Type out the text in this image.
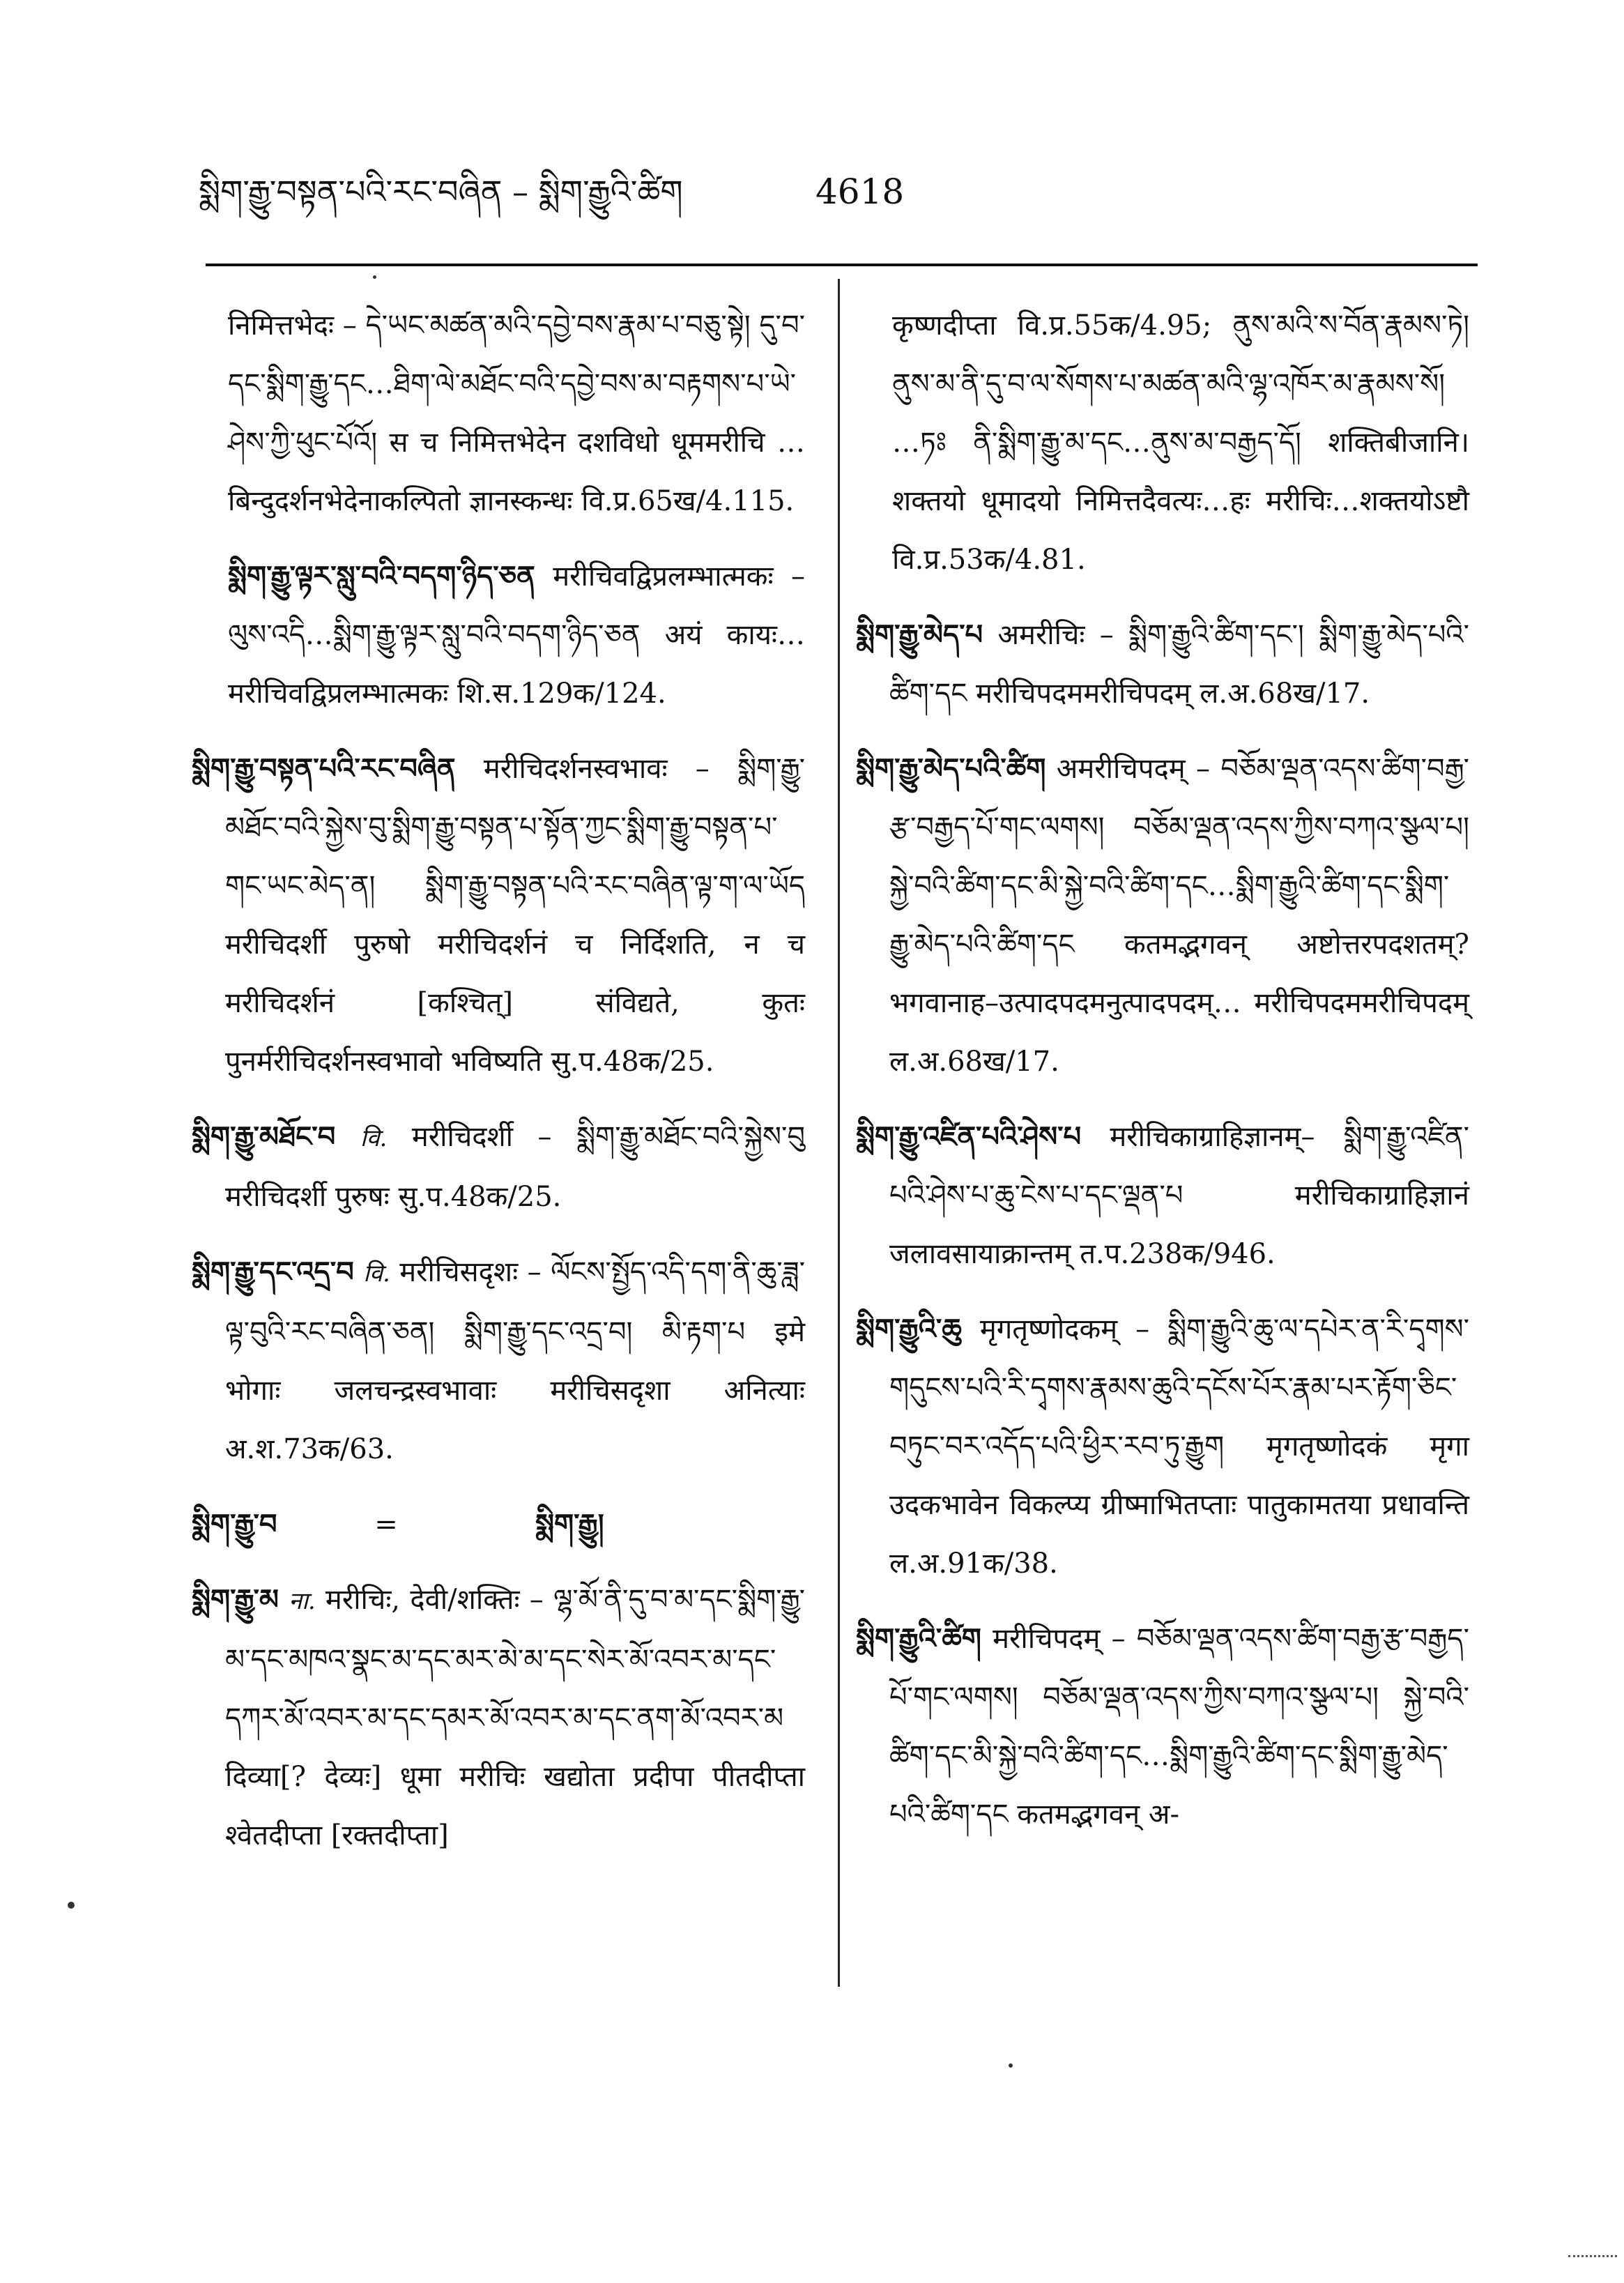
སྨིག་རྒྱུ་བསྟན་པའི་རང་བཞིན – སྨིག་རྒྱུའི་ཚིག	4618

निमित्तभेदः – དེ་ཡང་མཚན་མའི་དབྱེ་བས་རྣམ་པ་བཅུ་སྟེ། དུ་བ་དང་སྨིག་རྒྱུ་དང…ཐིག་ལེ་མཐོང་བའི་དབྱེ་བས་མ་བརྟགས་པ་ཡེ་ཤེས་ཀྱི་ཕུང་པོའོ། स च निमित्तभेदेन दशविधो धूममरीचि … बिन्दुदर्शनभेदेनाकल्पितो ज्ञानस्कन्धः वि.प्र.65ख/4.115.

སྨིག་རྒྱུ་ལྟར་སླུ་བའི་བདག་ཉིད་ཅན मरीचिवद्विप्रलम्भात्मकः – ལུས་འདི…སྨིག་རྒྱུ་ལྟར་སླུ་བའི་བདག་ཉིད་ཅན अयं कायः…मरीचिवद्विप्रलम्भात्मकः शि.स.129क/124.

སྨིག་རྒྱུ་བསྟན་པའི་རང་བཞིན मरीचिदर्शनस्वभावः – སྨིག་རྒྱུ་མཐོང་བའི་སྐྱེས་བུ་སྨིག་རྒྱུ་བསྟན་པ་སྟོན་ཀྱང་སྨིག་རྒྱུ་བསྟན་པ་གང་ཡང་མེད་ན། སྨིག་རྒྱུ་བསྟན་པའི་རང་བཞིན་ལྟ་ག་ལ་ཡོད मरीचिदर्शी पुरुषो मरीचिदर्शनं च निर्दिशति, न च मरीचिदर्शनं [कश्चित्] संविद्यते, कुतः पुनर्मरीचिदर्शनस्वभावो भविष्यति सु.प.48क/25.

སྨིག་རྒྱུ་མཐོང་བ वि. मरीचिदर्शी – སྨིག་རྒྱུ་མཐོང་བའི་སྐྱེས་བུ मरीचिदर्शी पुरुषः सु.प.48क/25.

སྨིག་རྒྱུ་དང་འདྲ་བ वि. मरीचिसदृशः – ལོངས་སྤྱོད་འདི་དག་ནི་ཆུ་ཟླ་ལྟ་བུའི་རང་བཞིན་ཅན། སྨིག་རྒྱུ་དང་འདྲ་བ། མི་རྟག་པ इमे भोगाः जलचन्द्रस्वभावाः मरीचिसदृशा अनित्याः अ.श.73क/63.

སྨིག་རྒྱུ་བ	=	སྨིག་རྒྱུ།

སྨིག་རྒྱུ་མ ना. मरीचिः, देवी/शक्तिः – ལྷ་མོ་ནི་དུ་བ་མ་དང་སྨིག་རྒྱུ་མ་དང་མཁའ་སྣང་མ་དང་མར་མེ་མ་དང་སེར་མོ་འབར་མ་དང་དཀར་མོ་འབར་མ་དང་དམར་མོ་འབར་མ་དང་ནག་མོ་འབར་མ दिव्या[? देव्यः] धूमा मरीचिः खद्योता प्रदीपा पीतदीप्ता श्वेतदीप्ता [रक्तदीप्ता]

कृष्णदीप्ता वि.प्र.55क/4.95; ནུས་མའི་ས་བོན་རྣམས་ཏེ། ནུས་མ་ནི་དུ་བ་ལ་སོགས་པ་མཚན་མའི་ལྷ་འཁོར་མ་རྣམས་སོ། …ཏཿ ནི་སྨིག་རྒྱུ་མ་དང…ནུས་མ་བརྒྱད་དོ། शक्तिबीजानि। शक्तयो धूमादयो निमित्तदैवत्यः…हः मरीचिः…शक्तयोऽष्टौ वि.प्र.53क/4.81.

སྨིག་རྒྱུ་མེད་པ अमरीचिः – སྨིག་རྒྱུའི་ཚིག་དང་། སྨིག་རྒྱུ་མེད་པའི་ཚིག་དང मरीचिपदममरीचिपदम् ल.अ.68ख/17.

སྨིག་རྒྱུ་མེད་པའི་ཚིག अमरीचिपदम् – བཅོམ་ལྡན་འདས་ཚིག་བརྒྱ་རྩ་བརྒྱད་པོ་གང་ལགས། བཅོམ་ལྡན་འདས་ཀྱིས་བཀའ་སྩལ་པ། སྐྱེ་བའི་ཚིག་དང་མི་སྐྱེ་བའི་ཚིག་དང…སྨིག་རྒྱུའི་ཚིག་དང་སྨིག་རྒྱུ་མེད་པའི་ཚིག་དང कतमद्भगवन् अष्टोत्तरपदशतम्? भगवानाह–उत्पादपदमनुत्पादपदम्… मरीचिपदममरीचिपदम् ल.अ.68ख/17.

སྨིག་རྒྱུ་འཛིན་པའི་ཤེས་པ मरीचिकाग्राहिज्ञानम्– སྨིག་རྒྱུ་འཛིན་པའི་ཤེས་པ་ཆུ་ངེས་པ་དང་ལྡན་པ मरीचिकाग्राहिज्ञानं जलावसायाक्रान्तम् त.प.238क/946.

སྨིག་རྒྱུའི་ཆུ मृगतृष्णोदकम् – སྨིག་རྒྱུའི་ཆུ་ལ་དཔེར་ན་རི་དྭགས་གདུངས་པའི་རི་དྭགས་རྣམས་ཆུའི་དངོས་པོར་རྣམ་པར་རྟོག་ཅིང་བཏུང་བར་འདོད་པའི་ཕྱིར་རབ་ཏུ་རྒྱུག मृगतृष्णोदकं मृगा उदकभावेन विकल्प्य ग्रीष्माभितप्ताः पातुकामतया प्रधावन्ति ल.अ.91क/38.

སྨིག་རྒྱུའི་ཚིག मरीचिपदम् – བཅོམ་ལྡན་འདས་ཚིག་བརྒྱ་རྩ་བརྒྱད་པོ་གང་ལགས། བཅོམ་ལྡན་འདས་ཀྱིས་བཀའ་སྩལ་པ། སྐྱེ་བའི་ཚིག་དང་མི་སྐྱེ་བའི་ཚིག་དང…སྨིག་རྒྱུའི་ཚིག་དང་སྨིག་རྒྱུ་མེད་པའི་ཚིག་དང कतमद्भगवन् अ-
